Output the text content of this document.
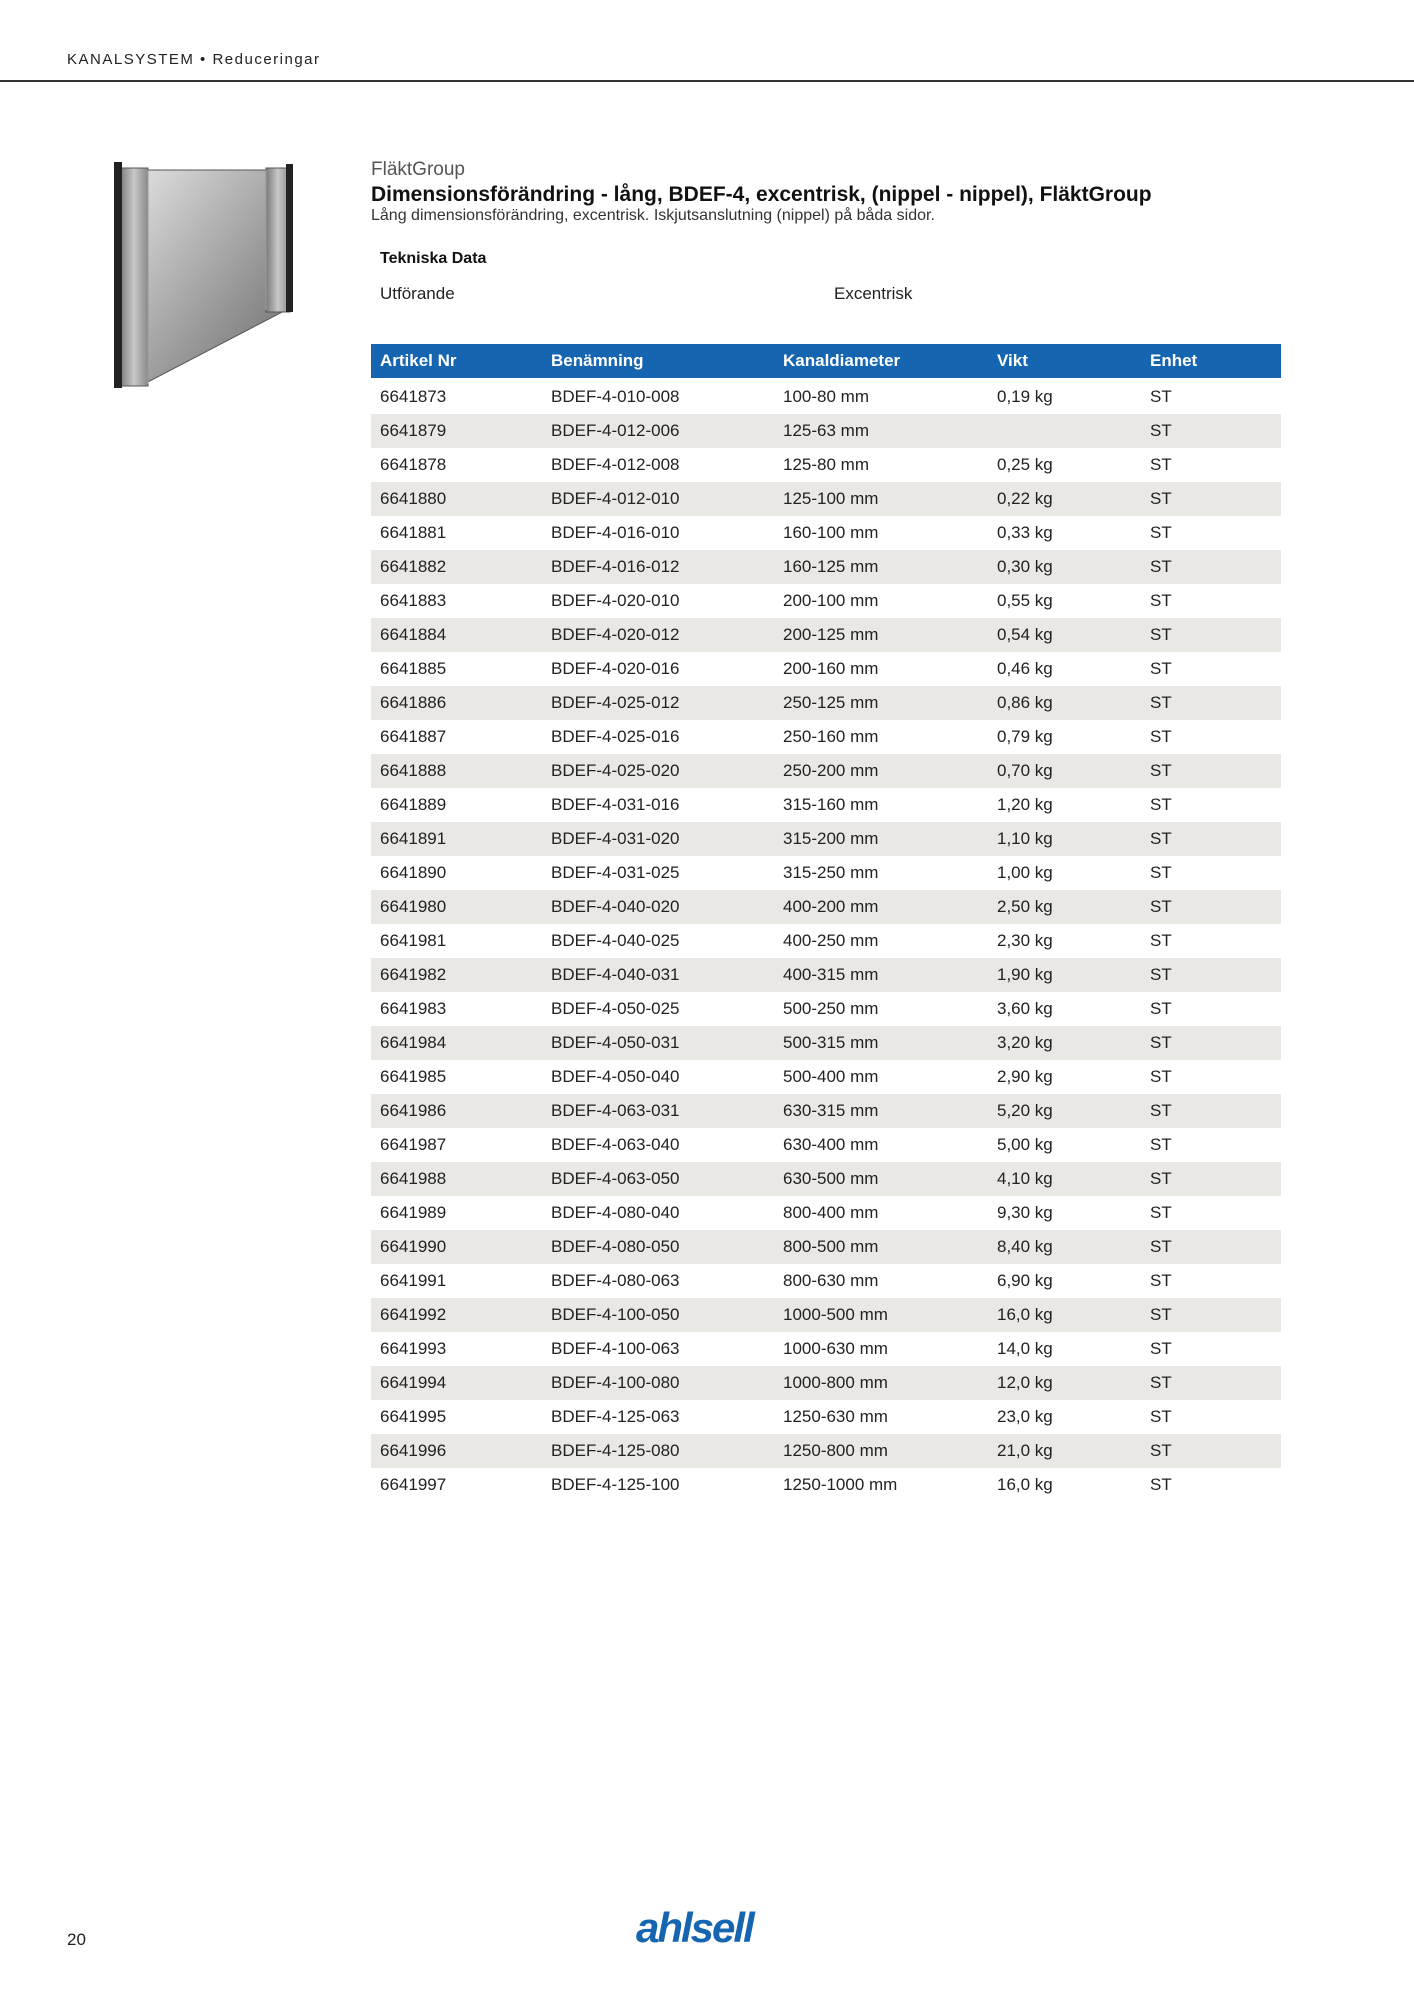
KANALSYSTEM • Reduceringar
FläktGroup
Dimensionsförändring - lång, BDEF-4, excentrisk, (nippel - nippel), FläktGroup
Lång dimensionsförändring, excentrisk. Iskjutsanslutning (nippel) på båda sidor.
Tekniska Data
Utförande	Excentrisk
Artikel Nr	Benämning	Kanaldiameter	Vikt	Enhet
6641873	BDEF-4-010-008	100-80 mm	0,19 kg	ST
6641879	BDEF-4-012-006	125-63 mm		ST
6641878	BDEF-4-012-008	125-80 mm	0,25 kg	ST
6641880	BDEF-4-012-010	125-100 mm	0,22 kg	ST
6641881	BDEF-4-016-010	160-100 mm	0,33 kg	ST
6641882	BDEF-4-016-012	160-125 mm	0,30 kg	ST
6641883	BDEF-4-020-010	200-100 mm	0,55 kg	ST
6641884	BDEF-4-020-012	200-125 mm	0,54 kg	ST
6641885	BDEF-4-020-016	200-160 mm	0,46 kg	ST
6641886	BDEF-4-025-012	250-125 mm	0,86 kg	ST
6641887	BDEF-4-025-016	250-160 mm	0,79 kg	ST
6641888	BDEF-4-025-020	250-200 mm	0,70 kg	ST
6641889	BDEF-4-031-016	315-160 mm	1,20 kg	ST
6641891	BDEF-4-031-020	315-200 mm	1,10 kg	ST
6641890	BDEF-4-031-025	315-250 mm	1,00 kg	ST
6641980	BDEF-4-040-020	400-200 mm	2,50 kg	ST
6641981	BDEF-4-040-025	400-250 mm	2,30 kg	ST
6641982	BDEF-4-040-031	400-315 mm	1,90 kg	ST
6641983	BDEF-4-050-025	500-250 mm	3,60 kg	ST
6641984	BDEF-4-050-031	500-315 mm	3,20 kg	ST
6641985	BDEF-4-050-040	500-400 mm	2,90 kg	ST
6641986	BDEF-4-063-031	630-315 mm	5,20 kg	ST
6641987	BDEF-4-063-040	630-400 mm	5,00 kg	ST
6641988	BDEF-4-063-050	630-500 mm	4,10 kg	ST
6641989	BDEF-4-080-040	800-400 mm	9,30 kg	ST
6641990	BDEF-4-080-050	800-500 mm	8,40 kg	ST
6641991	BDEF-4-080-063	800-630 mm	6,90 kg	ST
6641992	BDEF-4-100-050	1000-500 mm	16,0 kg	ST
6641993	BDEF-4-100-063	1000-630 mm	14,0 kg	ST
6641994	BDEF-4-100-080	1000-800 mm	12,0 kg	ST
6641995	BDEF-4-125-063	1250-630 mm	23,0 kg	ST
6641996	BDEF-4-125-080	1250-800 mm	21,0 kg	ST
6641997	BDEF-4-125-100	1250-1000 mm	16,0 kg	ST
20	ahlsell
